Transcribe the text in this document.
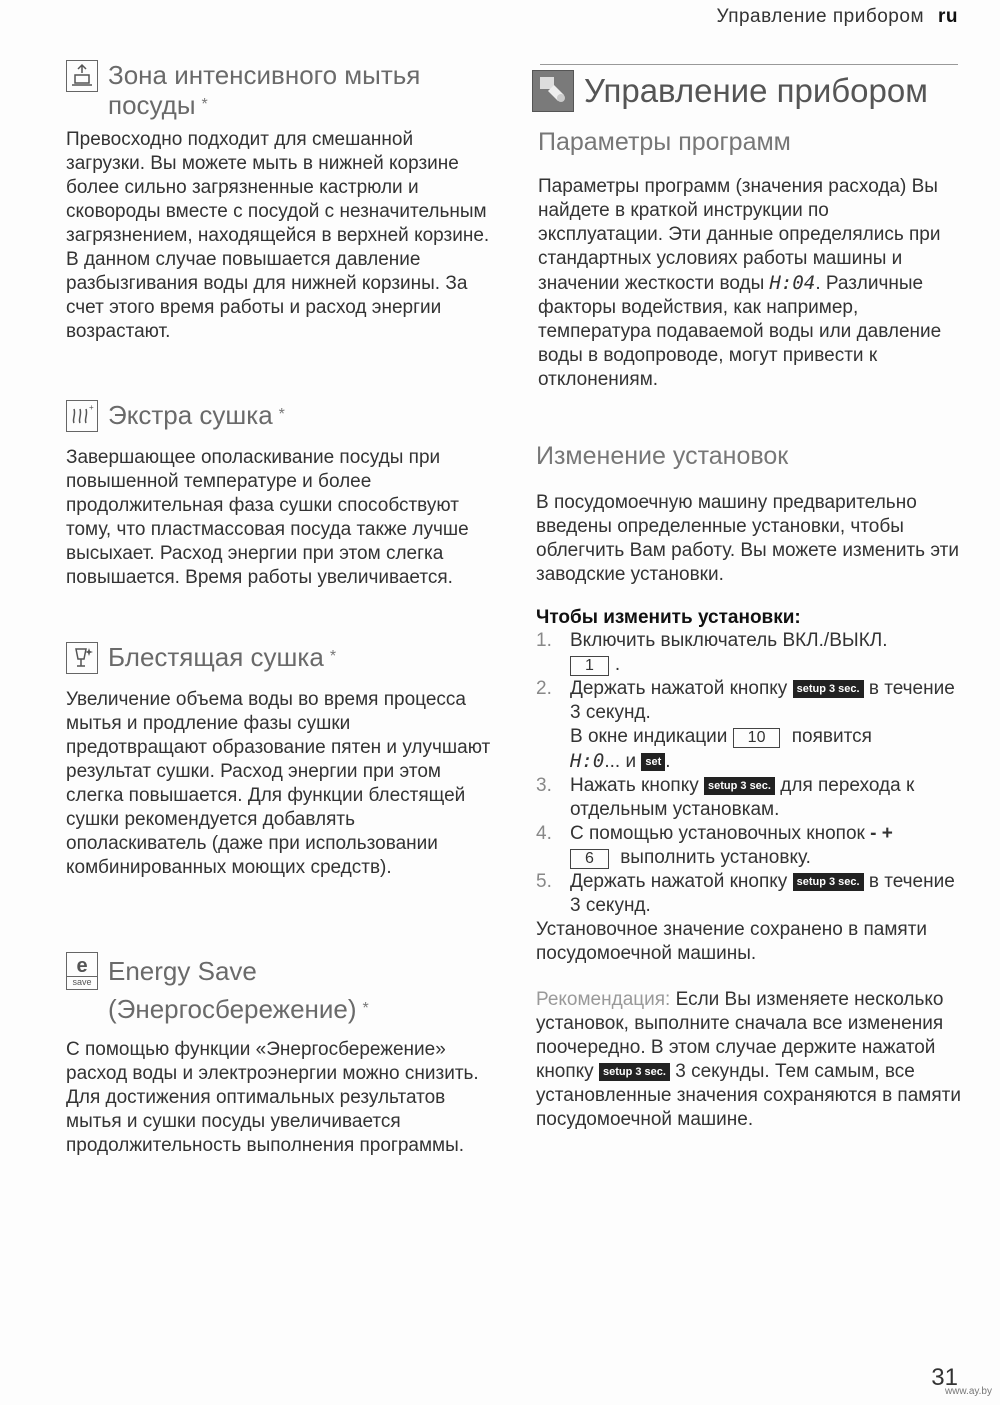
Управление прибором ru
Зона интенсивного мытья посуды *

Превосходно подходит для смешанной загрузки. Вы можете мыть в нижней корзине более сильно загрязненные кастрюли и сковороды вместе с посудой с незначительным загрязнением, находящейся в верхней корзине. В данном случае повышается давление разбызгивания воды для нижней корзины. За счет этого время работы и расход энергии возрастают.

+ Экстра сушка *

Завершающее ополаскивание посуды при повышенной температуре и более продолжительная фаза сушки способствуют тому, что пластмассовая посуда также лучше высыхает. Расход энергии при этом слегка повышается. Время работы увеличивается.

Блестящая сушка *

Увеличение объема воды во время процесса мытья и продление фазы сушки предотвращают образование пятен и улучшают результат сушки. Расход энергии при этом слегка повышается. Для функции блестящей сушки рекомендуется добавлять ополаскиватель (даже при использовании комбинированных моющих средств).

e
save Energy Save (Энергосбережение) *

С помощью функции «Энергосбережение» расход воды и электроэнергии можно снизить. Для достижения оптимальных результатов мытья и сушки посуды увеличивается продолжительность выполнения программы.

Управление прибором
Параметры программ

Параметры программ (значения расхода) Вы найдете в краткой инструкции по эксплуатации. Эти данные определялись при стандартных условиях работы машины и значении жесткости воды H:04. Различные факторы водействия, как например, температура подаваемой воды или давление воды в водопроводе, могут привести к отклонениям.

Изменение установок

В посудомоечную машину предварительно введены определенные установки, чтобы облегчить Вам работу. Вы можете изменить эти заводские установки.

Чтобы изменить установки:
1. Включить выключатель ВКЛ./ВЫКЛ.
1 .
2. Держать нажатой кнопку setup 3 sec. в течение 3 секунд.
В окне индикации 10 появится
H:0... и set .
3. Нажать кнопку setup 3 sec. для перехода к отдельным установкам.
4. С помощью установочных кнопок - +
6 выполнить установку.
5. Держать нажатой кнопку setup 3 sec. в течение 3 секунд.

Установочное значение сохранено в памяти посудомоечной машины.

Рекомендация: Если Вы изменяете несколько установок, выполните сначала все изменения поочередно. В этом случае держите нажатой кнопку setup 3 sec. 3 секунды. Тем самым, все установленные значения сохраняются в памяти посудомоечной машине.

31
www.ay.by
